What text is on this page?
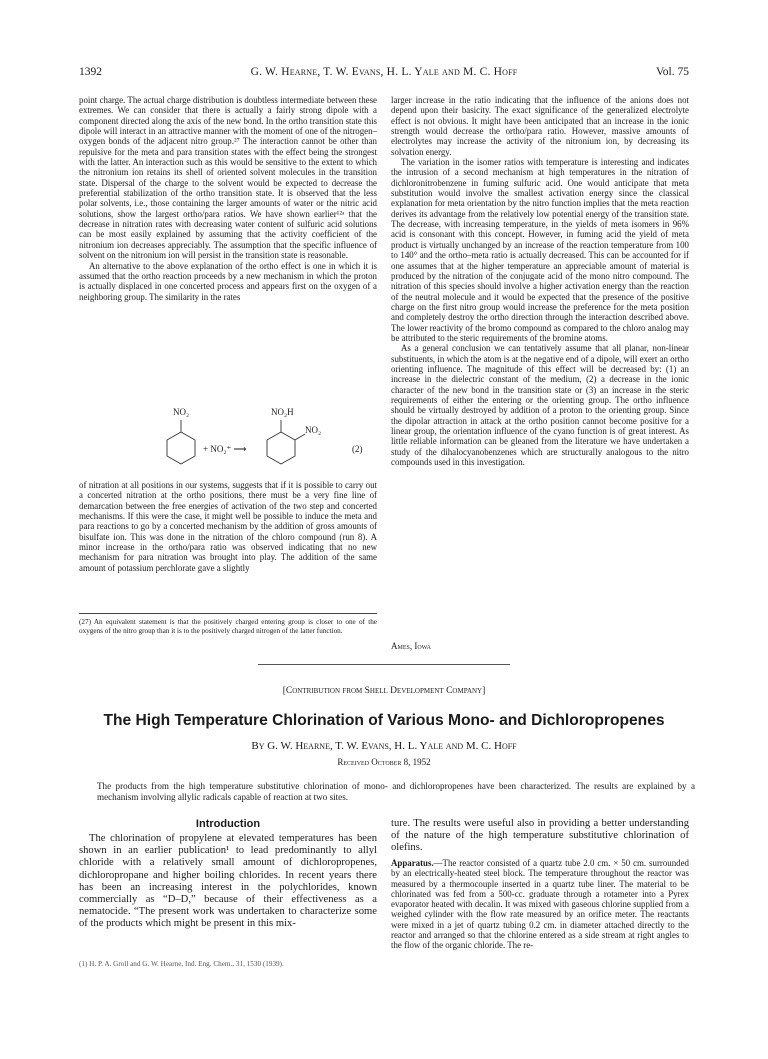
1392	G. W. Hearne, T. W. Evans, H. L. Yale and M. C. Hoff	Vol. 75

point charge. The actual charge distribution is doubtless intermediate between these extremes. We can consider that there is actually a fairly strong dipole with a component directed along the axis of the new bond. In the ortho transition state this dipole will interact in an attractive manner with the moment of one of the nitrogen–oxygen bonds of the adjacent nitro group.²⁷ The interaction cannot be other than repulsive for the meta and para transition states with the effect being the strongest with the latter. An interaction such as this would be sensitive to the extent to which the nitronium ion retains its shell of oriented solvent molecules in the transition state. Dispersal of the charge to the solvent would be expected to decrease the preferential stabilization of the ortho transition state. It is observed that the less polar solvents, i.e., those containing the larger amounts of water or the nitric acid solutions, show the largest ortho/para ratios. We have shown earlier¹²ᵃ that the decrease in nitration rates with decreasing water content of sulfuric acid solutions can be most easily explained by assuming that the activity coefficient of the nitronium ion decreases appreciably. The assumption that the specific influence of solvent on the nitronium ion will persist in the transition state is reasonable.

An alternative to the above explanation of the ortho effect is one in which it is assumed that the ortho reaction proceeds by a new mechanism in which the proton is actually displaced in one concerted process and appears first on the oxygen of a neighboring group. The similarity in the rates

NO₂
+ NO₂⁺ ⟶
NO₂H
NO₂
(2)

of nitration at all positions in our systems, suggests that if it is possible to carry out a concerted nitration at the ortho positions, there must be a very fine line of demarcation between the free energies of activation of the two step and concerted mechanisms. If this were the case, it might well be possible to induce the meta and para reactions to go by a concerted mechanism by the addition of gross amounts of bisulfate ion. This was done in the nitration of the chloro compound (run 8). A minor increase in the ortho/para ratio was observed indicating that no new mechanism for para nitration was brought into play. The addition of the same amount of potassium perchlorate gave a slightly

(27) An equivalent statement is that the positively charged entering group is closer to one of the oxygens of the nitro group than it is to the positively charged nitrogen of the latter function.

larger increase in the ratio indicating that the influence of the anions does not depend upon their basicity. The exact significance of the generalized electrolyte effect is not obvious. It might have been anticipated that an increase in the ionic strength would decrease the ortho/para ratio. However, massive amounts of electrolytes may increase the activity of the nitronium ion, by decreasing its solvation energy.

The variation in the isomer ratios with temperature is interesting and indicates the intrusion of a second mechanism at high temperatures in the nitration of dichloronitrobenzene in fuming sulfuric acid. One would anticipate that meta substitution would involve the smallest activation energy since the classical explanation for meta orientation by the nitro function implies that the meta reaction derives its advantage from the relatively low potential energy of the transition state. The decrease, with increasing temperature, in the yields of meta isomers in 96% acid is consonant with this concept. However, in fuming acid the yield of meta product is virtually unchanged by an increase of the reaction temperature from 100 to 140° and the ortho–meta ratio is actually decreased. This can be accounted for if one assumes that at the higher temperature an appreciable amount of material is produced by the nitration of the conjugate acid of the mono nitro compound. The nitration of this species should involve a higher activation energy than the reaction of the neutral molecule and it would be expected that the presence of the positive charge on the first nitro group would increase the preference for the meta position and completely destroy the ortho direction through the interaction described above. The lower reactivity of the bromo compound as compared to the chloro analog may be attributed to the steric requirements of the bromine atoms.

As a general conclusion we can tentatively assume that all planar, non-linear substituents, in which the atom is at the negative end of a dipole, will exert an ortho orienting influence. The magnitude of this effect will be decreased by: (1) an increase in the dielectric constant of the medium, (2) a decrease in the ionic character of the new bond in the transition state or (3) an increase in the steric requirements of either the entering or the orienting group. The ortho influence should be virtually destroyed by addition of a proton to the orienting group. Since the dipolar attraction in attack at the ortho position cannot become positive for a linear group, the orientation influence of the cyano function is of great interest. As little reliable information can be gleaned from the literature we have undertaken a study of the dihalocyanobenzenes which are structurally analogous to the nitro compounds used in this investigation.

Ames, Iowa
[Contribution from Shell Development Company]
The High Temperature Chlorination of Various Mono- and Dichloropropenes
By G. W. Hearne, T. W. Evans, H. L. Yale and M. C. Hoff
Received October 8, 1952
The products from the high temperature substitutive chlorination of mono- and dichloropropenes have been characterized. The results are explained by a mechanism involving allylic radicals capable of reaction at two sites.
Introduction

The chlorination of propylene at elevated temperatures has been shown in an earlier publication¹ to lead predominantly to allyl chloride with a relatively small amount of dichloropropenes, dichloropropane and higher boiling chlorides. In recent years there has been an increasing interest in the polychlorides, known commercially as “D–D,” because of their effectiveness as a nematocide. “The present work was undertaken to characterize some of the products which might be present in this mix-

(1) H. P. A. Groll and G. W. Hearne, Ind. Eng. Chem., 31, 1530 (1939).
ture. The results were useful also in providing a better understanding of the nature of the high temperature substitutive chlorination of olefins.
Apparatus.—The reactor consisted of a quartz tube 2.0 cm. × 50 cm. surrounded by an electrically-heated steel block. The temperature throughout the reactor was measured by a thermocouple inserted in a quartz tube liner. The material to be chlorinated was fed from a 500-cc. graduate through a rotameter into a Pyrex evaporator heated with decalin. It was mixed with gaseous chlorine supplied from a weighed cylinder with the flow rate measured by an orifice meter. The reactants were mixed in a jet of quartz tubing 0.2 cm. in diameter attached directly to the reactor and arranged so that the chlorine entered as a side stream at right angles to the flow of the organic chloride. The re-
